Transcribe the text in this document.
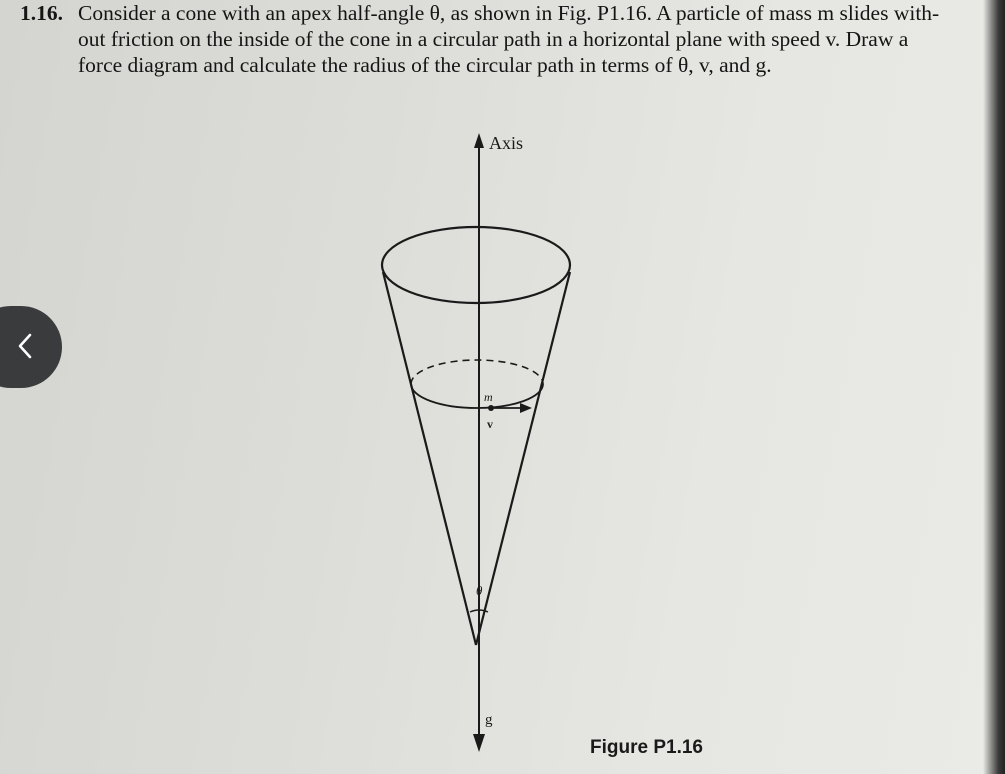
1.16. Consider a cone with an apex half-angle θ, as shown in Fig. P1.16. A particle of mass m slides with-
out friction on the inside of the cone in a circular path in a horizontal plane with speed v. Draw a
force diagram and calculate the radius of the circular path in terms of θ, v, and g.
Axis
m
v
θ
g
Figure P1.16
